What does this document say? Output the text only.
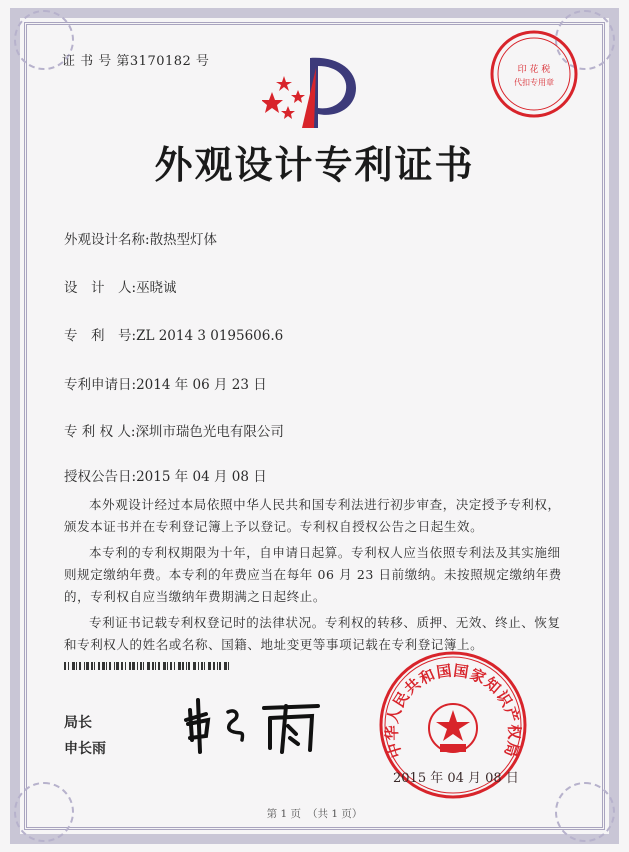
证 书 号 第3170182 号
印 花 税
代扣专用章
外观设计专利证书
外观设计名称:散热型灯体
设　计　人:巫晓诚
专　利　号:ZL 2014 3 0195606.6
专利申请日:2014 年 06 月 23 日
专 利 权 人:深圳市瑞色光电有限公司
授权公告日:2015 年 04 月 08 日

本外观设计经过本局依照中华人民共和国专利法进行初步审查，决定授予专利权，颁发本证书并在专利登记簿上予以登记。专利权自授权公告之日起生效。

本专利的专利权期限为十年，自申请日起算。专利权人应当依照专利法及其实施细则规定缴纳年费。本专利的年费应当在每年 06 月 23 日前缴纳。未按照规定缴纳年费的，专利权自应当缴纳年费期满之日起终止。

专利证书记载专利权登记时的法律状况。专利权的转移、质押、无效、终止、恢复和专利权人的姓名或名称、国籍、地址变更等事项记载在专利登记簿上。

局长
申长雨	中华人民共和国国家知识产权局
2015 年 04 月 08 日
第 1 页 （共 1 页）
